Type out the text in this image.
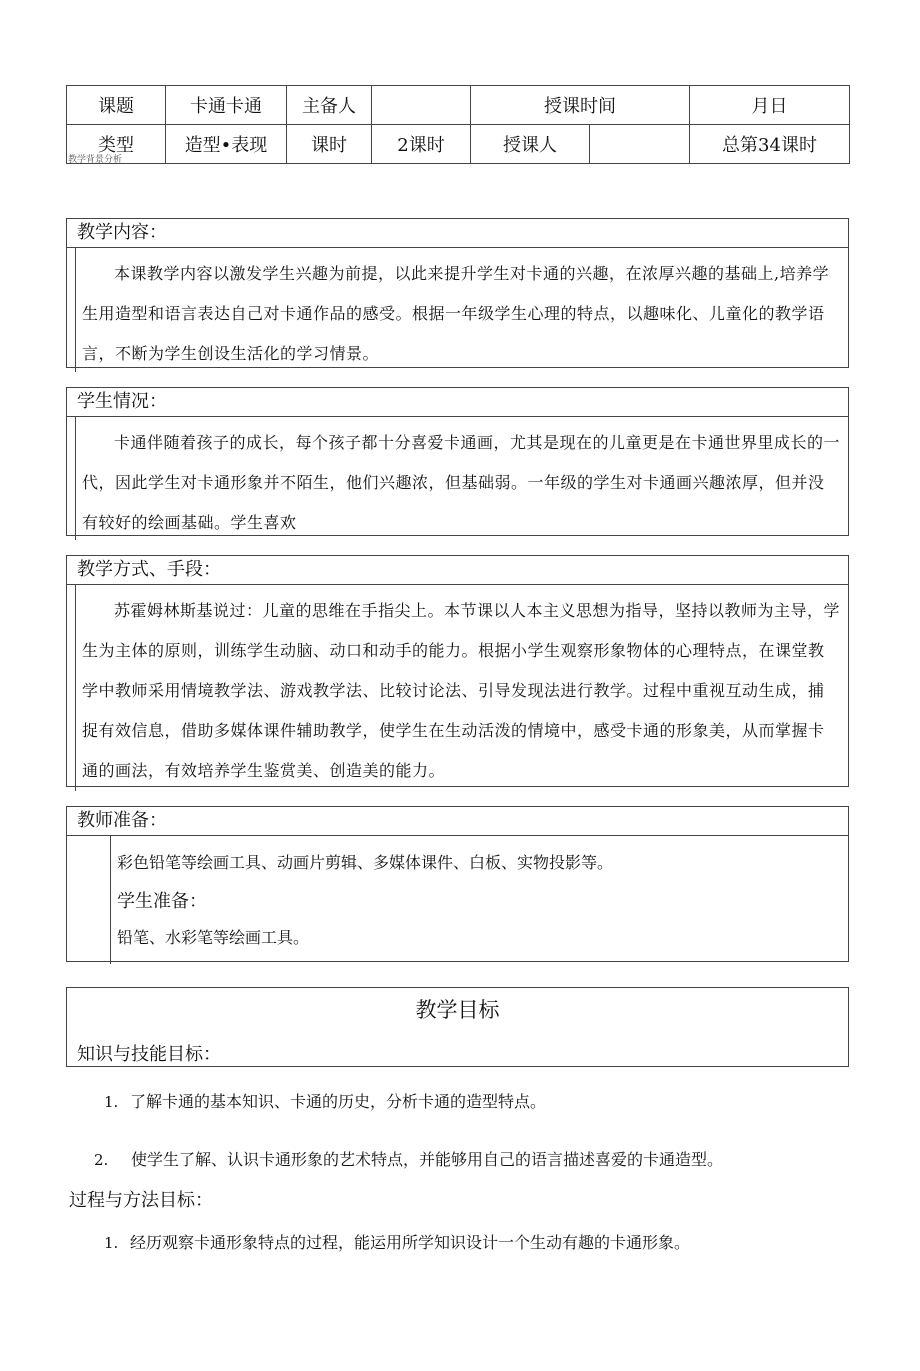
课题	卡通卡通	主备人		授课时间		月日
类型	造型•表现	课时	2课时	授课人		总第34课时
教学背景分析
教学内容：

本课教学内容以激发学生兴趣为前提，以此来提升学生对卡通的兴趣，在浓厚兴趣的基础上,培养学生用造型和语言表达自己对卡通作品的感受。根据一年级学生心理的特点，以趣味化、儿童化的教学语言，不断为学生创设生活化的学习情景。

学生情况：

卡通伴随着孩子的成长，每个孩子都十分喜爱卡通画，尤其是现在的儿童更是在卡通世界里成长的一代，因此学生对卡通形象并不陌生，他们兴趣浓，但基础弱。一年级的学生对卡通画兴趣浓厚，但并没有较好的绘画基础。学生喜欢

教学方式、手段：

苏霍姆林斯基说过：儿童的思维在手指尖上。本节课以人本主义思想为指导，坚持以教师为主导，学生为主体的原则，训练学生动脑、动口和动手的能力。根据小学生观察形象物体的心理特点，在课堂教学中教师采用情境教学法、游戏教学法、比较讨论法、引导发现法进行教学。过程中重视互动生成，捕捉有效信息，借助多媒体课件辅助教学，使学生在生动活泼的情境中，感受卡通的形象美，从而掌握卡通的画法，有效培养学生鉴赏美、创造美的能力。

教师准备：

彩色铅笔等绘画工具、动画片剪辑、多媒体课件、白板、实物投影等。

学生准备：

铅笔、水彩笔等绘画工具。

教学目标
知识与技能目标：
1. 了解卡通的基本知识、卡通的历史，分析卡通的造型特点。
2. 使学生了解、认识卡通形象的艺术特点，并能够用自己的语言描述喜爱的卡通造型。
过程与方法目标：
1. 经历观察卡通形象特点的过程，能运用所学知识设计一个生动有趣的卡通形象。
